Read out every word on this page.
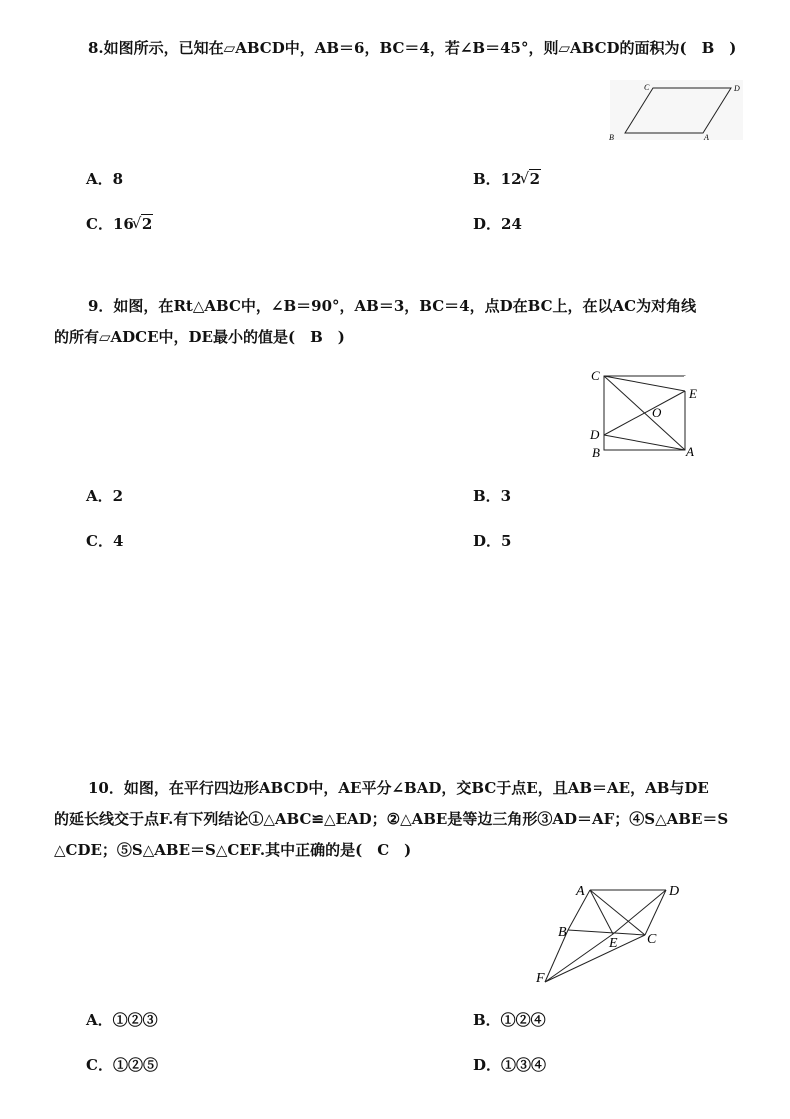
8.如图所示，已知在▱ABCD中，AB＝6，BC＝4，若∠B＝45°，则▱ABCD的面积为(　B　)
C	D
B	A
A．8	B．12 √ 2
C．16 √ 2	D．24
9．如图，在Rt△ABC中，∠B＝90°，AB＝3，BC＝4，点D在BC上，在以AC为对角线
的所有▱ADCE中，DE最小的值是(　B　)
C
E
O
D
B	A
A．2	B．3
C．4	D．5
10．如图，在平行四边形ABCD中，AE平分∠BAD，交BC于点E，且AB＝AE，AB与DE
的延长线交于点F.有下列结论①△ABC≌△EAD；②△ABE是等边三角形③AD＝AF；④S△ABE＝S
△CDE；⑤S△ABE＝S△CEF.其中正确的是(　C　)
A	D
B
E C
F
A．①②③	B．①②④
C．①②⑤	D．①③④
